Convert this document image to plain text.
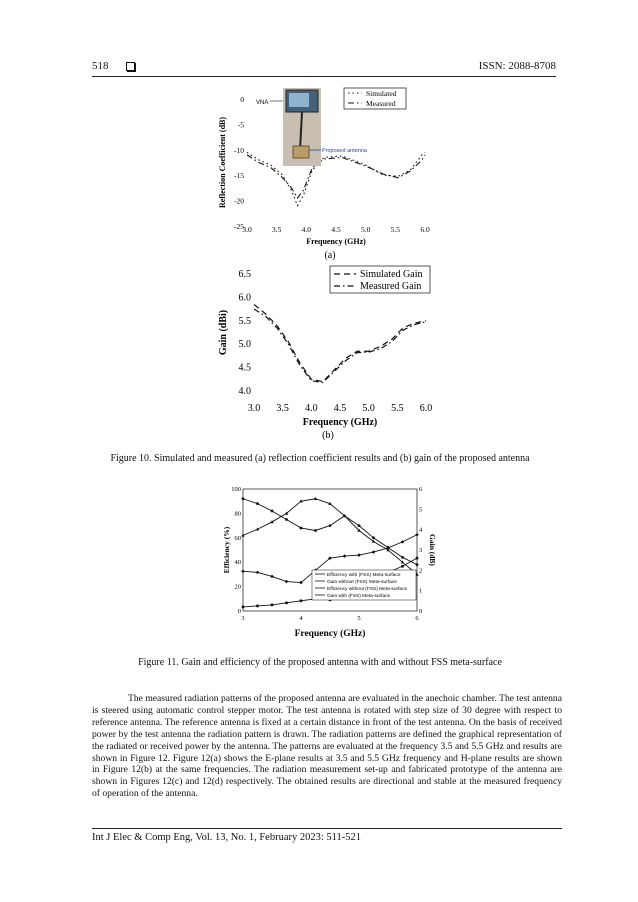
518	ISSN: 2088-8708
3.0	3.5	4.0	4.5	5.0	5.5	6.0
0
-5
-10
-15
-20
-25
Frequency (GHz)
Reflection Coefficient (dB)
Simulated
Measured
VNA
Proposed antenna
(a)
3.0 3.5 4.0 4.5 5.0 5.5 6.0
4.0
4.5
5.0
5.5
6.0
6.5
Frequency (GHz)
Gain (dBi)
Simulated Gain
Measured Gain
(b)
Figure 10. Simulated and measured (a) reflection coefficient results and (b) gain of the proposed antenna
3	4	5	6
0
20
40
60
80
100
0
1
2
3
4
5
6
Frequency (GHz)
Efficiency (%)	Gain (dB)
Efficiency with (FSS) Meta-surface
Gain without (FSS) Meta-surface
Efficiency without (FSS) Meta-surface
Gain with (FSS) Meta-surface
Figure 11. Gain and efficiency of the proposed antenna with and without FSS meta-surface

The measured radiation patterns of the proposed antenna are evaluated in the anechoic chamber. The test antenna is steered using automatic control stepper motor. The test antenna is rotated with step size of 30 degree with respect to reference antenna. The reference antenna is fixed at a certain distance in front of the test antenna. On the basis of received power by the test antenna the radiation pattern is drawn. The radiation patterns are defined the graphical representation of the radiated or received power by the antenna. The patterns are evaluated at the frequency 3.5 and 5.5 GHz and results are shown in Figure 12. Figure 12(a) shows the E-plane results at 3.5 and 5.5 GHz frequency and H-plane results are shown in Figure 12(b) at the same frequencies. The radiation measurement set-up and fabricated prototype of the antenna are shown in Figures 12(c) and 12(d) respectively. The obtained results are directional and stable at the measured frequency of operation of the antenna.

Int J Elec & Comp Eng, Vol. 13, No. 1, February 2023: 511-521
